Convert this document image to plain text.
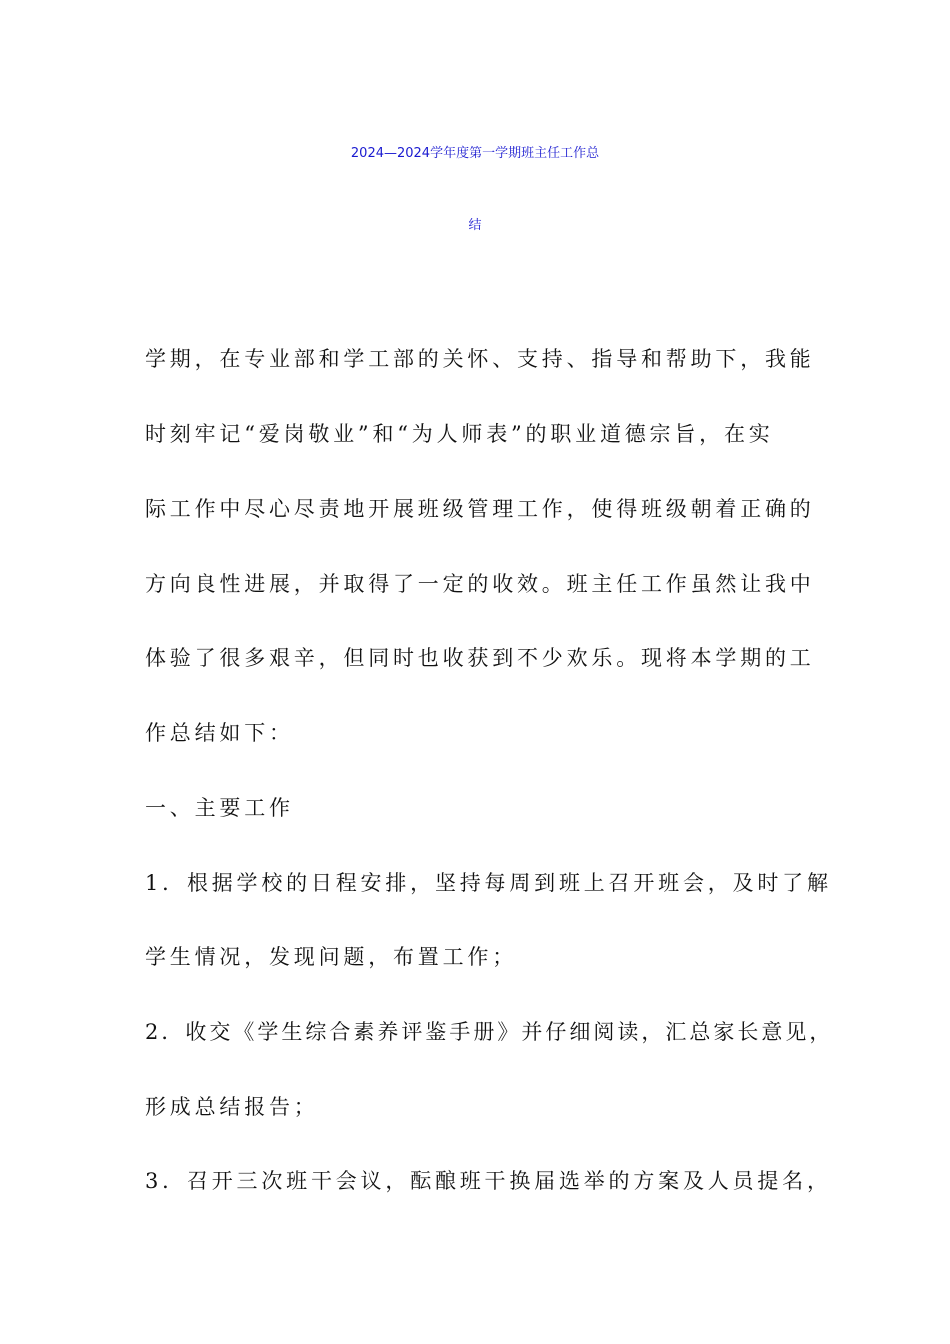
2024—2024学年度第一学期班主任工作总
结
学期，在专业部和学工部的关怀、支持、指导和帮助下，我能
时刻牢记“爱岗敬业”和“为人师表”的职业道德宗旨，在实
际工作中尽心尽责地开展班级管理工作，使得班级朝着正确的
方向良性进展，并取得了一定的收效。班主任工作虽然让我中
体验了很多艰辛，但同时也收获到不少欢乐。现将本学期的工
作总结如下：
一、主要工作
1．根据学校的日程安排，坚持每周到班上召开班会，及时了解
学生情况，发现问题，布置工作；
2．收交《学生综合素养评鉴手册》并仔细阅读，汇总家长意见，
形成总结报告；
3．召开三次班干会议，酝酿班干换届选举的方案及人员提名，
